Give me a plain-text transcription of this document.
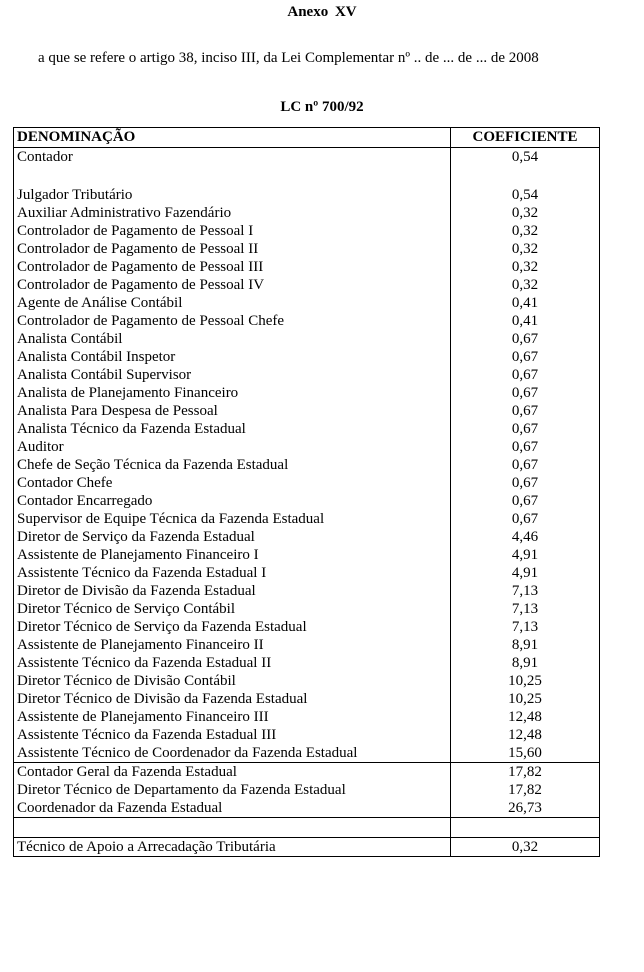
Anexo XV
a que se refere o artigo 38, inciso III, da Lei Complementar nº .. de ... de ... de 2008
LC nº 700/92
DENOMINAÇÃO	COEFICIENTE
Contador	0,54
Julgador Tributário	0,54
Auxiliar Administrativo Fazendário	0,32
Controlador de Pagamento de Pessoal I	0,32
Controlador de Pagamento de Pessoal II	0,32
Controlador de Pagamento de Pessoal III	0,32
Controlador de Pagamento de Pessoal IV	0,32
Agente de Análise Contábil	0,41
Controlador de Pagamento de Pessoal Chefe	0,41
Analista Contábil	0,67
Analista Contábil Inspetor	0,67
Analista Contábil Supervisor	0,67
Analista de Planejamento Financeiro	0,67
Analista Para Despesa de Pessoal	0,67
Analista Técnico da Fazenda Estadual	0,67
Auditor	0,67
Chefe de Seção Técnica da Fazenda Estadual	0,67
Contador Chefe	0,67
Contador Encarregado	0,67
Supervisor de Equipe Técnica da Fazenda Estadual	0,67
Diretor de Serviço da Fazenda Estadual	4,46
Assistente de Planejamento Financeiro I	4,91
Assistente Técnico da Fazenda Estadual I	4,91
Diretor de Divisão da Fazenda Estadual	7,13
Diretor Técnico de Serviço Contábil	7,13
Diretor Técnico de Serviço da Fazenda Estadual	7,13
Assistente de Planejamento Financeiro II	8,91
Assistente Técnico da Fazenda Estadual II	8,91
Diretor Técnico de Divisão Contábil	10,25
Diretor Técnico de Divisão da Fazenda Estadual	10,25
Assistente de Planejamento Financeiro III	12,48
Assistente Técnico da Fazenda Estadual III	12,48
Assistente Técnico de Coordenador da Fazenda Estadual	15,60
Contador Geral da Fazenda Estadual	17,82
Diretor Técnico de Departamento da Fazenda Estadual	17,82
Coordenador da Fazenda Estadual	26,73
Técnico de Apoio a Arrecadação Tributária	0,32
